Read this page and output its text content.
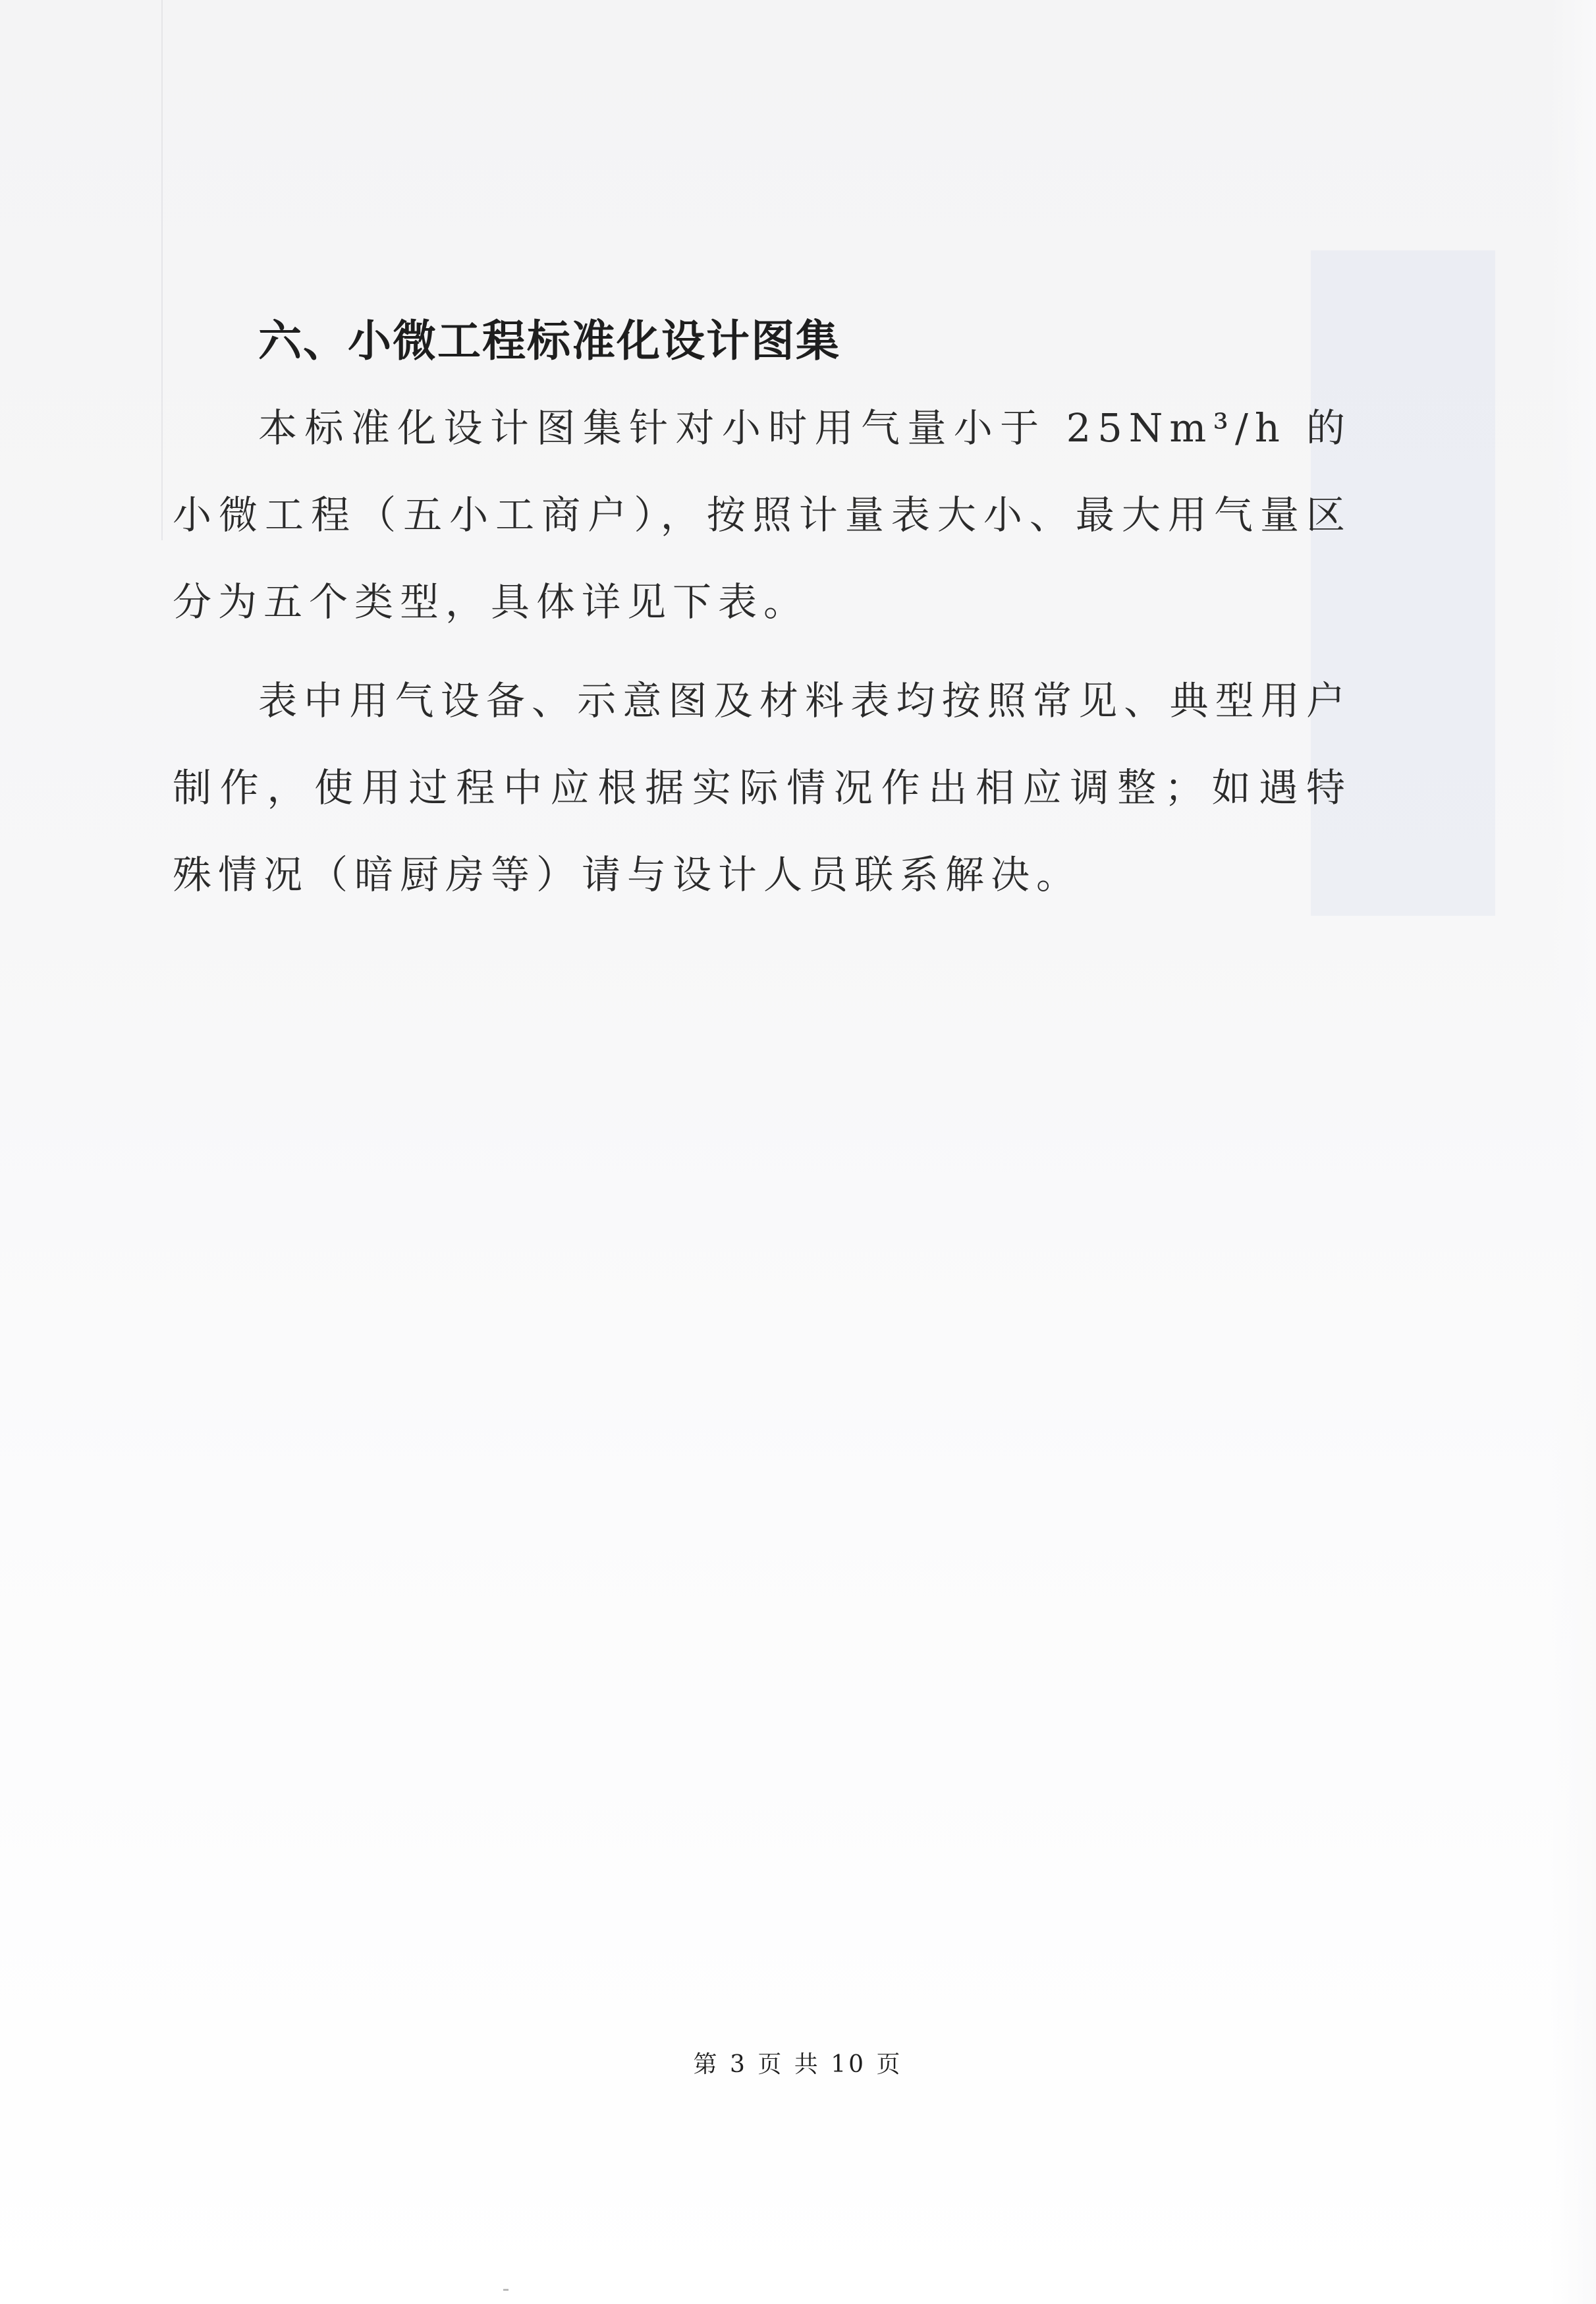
六、小微工程标准化设计图集

本标准化设计图集针对小时用气量小于 25Nm³/h 的小微工程（五小工商户），按照计量表大小、最大用气量区分为五个类型，具体详见下表。

表中用气设备、示意图及材料表均按照常见、典型用户制作，使用过程中应根据实际情况作出相应调整；如遇特殊情况（暗厨房等）请与设计人员联系解决。

第 3 页 共 10 页
